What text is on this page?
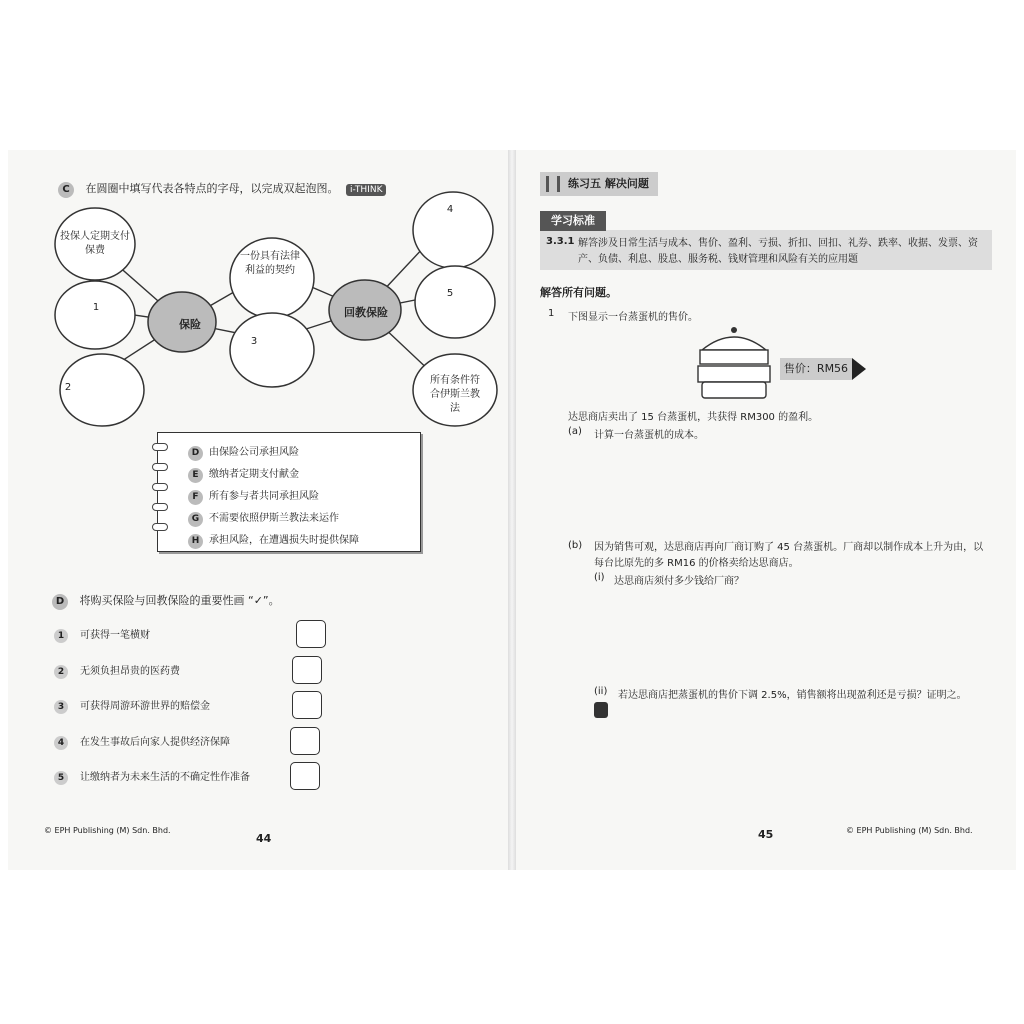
C 在圆圈中填写代表各特点的字母，以完成双起泡图。 i-THINK
投保人定期支付保费
1
2
保险
一份具有法律利益的契约
3
回教保险
4
5
所有条件符合伊斯兰教法
D 由保险公司承担风险
E 缴纳者定期支付献金
F 所有参与者共同承担风险
G 不需要依照伊斯兰教法来运作
H 承担风险，在遭遇损失时提供保障
D 将购买保险与回教保险的重要性画 “✓”。
1 可获得一笔横财
2 无须负担昂贵的医药费
3 可获得周游环游世界的赔偿金
4 在发生事故后向家人提供经济保障
5 让缴纳者为未来生活的不确定性作准备
© EPH Publishing (M) Sdn. Bhd.
44
练习五 解决问题
学习标准
3.3.1 解答涉及日常生活与成本、售价、盈利、亏损、折扣、回扣、礼券、跌率、收据、发票、资产、负债、利息、股息、服务税、钱财管理和风险有关的应用题
解答所有问题。
1 下图显示一台蒸蛋机的售价。
售价：RM56
达思商店卖出了 15 台蒸蛋机，共获得 RM300 的盈利。
(a) 计算一台蒸蛋机的成本。
(b) 因为销售可观，达思商店再向厂商订购了 45 台蒸蛋机。厂商却以制作成本上升为由，以每台比原先的多 RM16 的价格卖给达思商店。
(i) 达思商店须付多少钱给厂商？
(ii) 若达思商店把蒸蛋机的售价下调 2.5%，销售额将出现盈利还是亏损？证明之。
45	© EPH Publishing (M) Sdn. Bhd.
